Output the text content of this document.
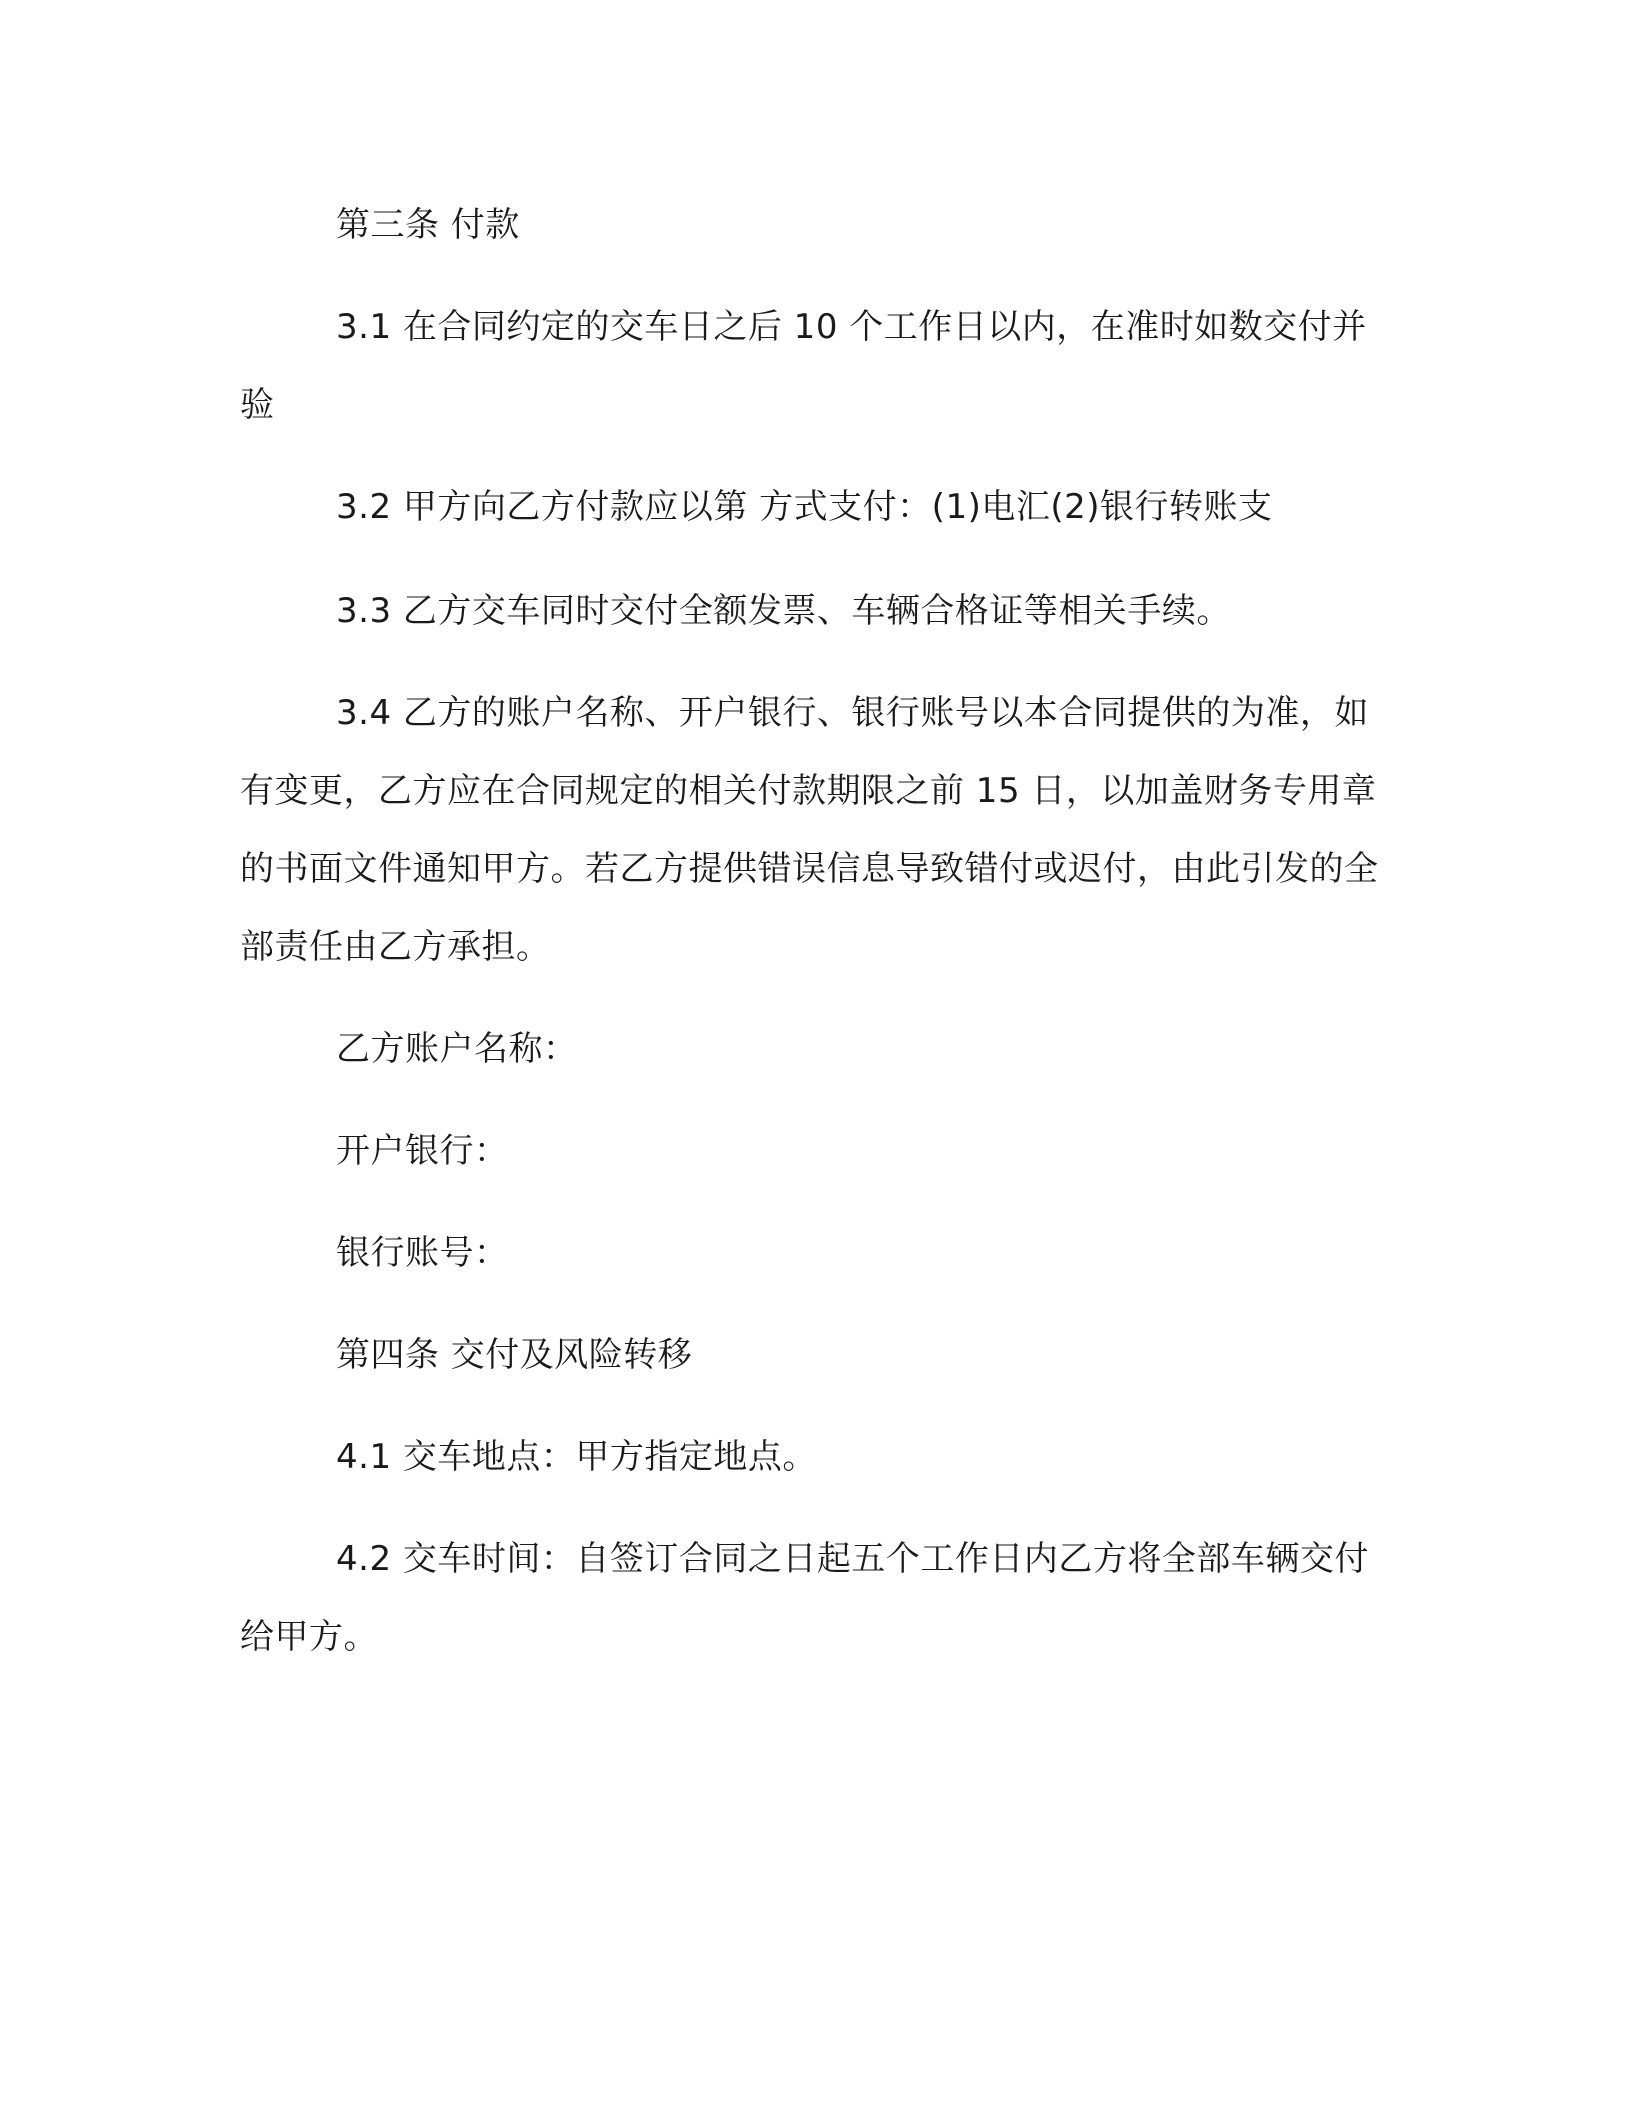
第三条 付款

3.1 在合同约定的交车日之后 10 个工作日以内，在准时如数交付并验

3.2 甲方向乙方付款应以第 方式支付：(1)电汇(2)银行转账支

3.3 乙方交车同时交付全额发票、车辆合格证等相关手续。

3.4 乙方的账户名称、开户银行、银行账号以本合同提供的为准，如有变更，乙方应在合同规定的相关付款期限之前 15 日，以加盖财务专用章的书面文件通知甲方。若乙方提供错误信息导致错付或迟付，由此引发的全部责任由乙方承担。

乙方账户名称：

开户银行：

银行账号：

第四条 交付及风险转移

4.1 交车地点：甲方指定地点。

4.2 交车时间：自签订合同之日起五个工作日内乙方将全部车辆交付给甲方。
